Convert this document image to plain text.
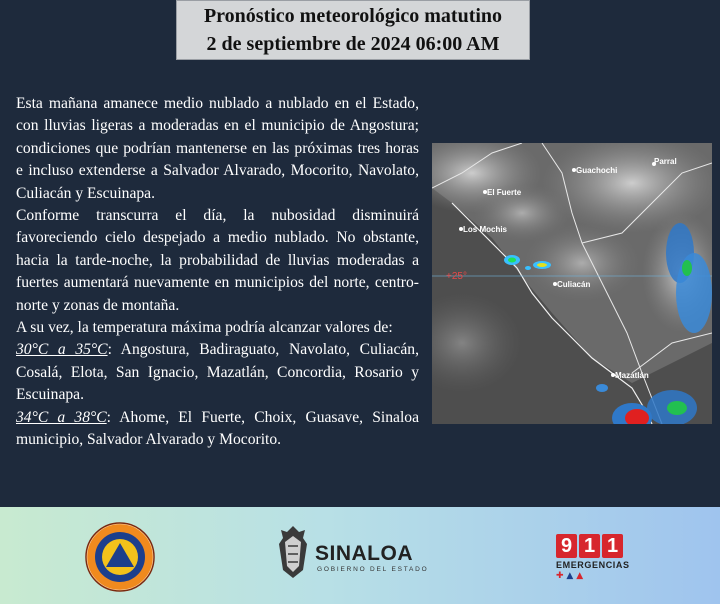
Pronóstico meteorológico matutino
2 de septiembre de 2024 06:00 AM

Esta mañana amanece medio nublado a nublado en el Estado, con lluvias ligeras a moderadas en el municipio de Angostura; condiciones que podrían mantenerse en las próximas tres horas e incluso extenderse a Salvador Alvarado, Mocorito, Navolato, Culiacán y Escuinapa.

Conforme transcurra el día, la nubosidad disminuirá favoreciendo cielo despejado a medio nublado. No obstante, hacia la tarde-noche, la probabilidad de lluvias moderadas a fuertes aumentará nuevamente en municipios del norte, centro-norte y zonas de montaña.

A su vez, la temperatura máxima podría alcanzar valores de:

30°C a 35°C: Angostura, Badiraguato, Navolato, Culiacán, Cosalá, Elota, San Ignacio, Mazatlán, Concordia, Rosario y Escuinapa.

34°C a 38°C: Ahome, El Fuerte, Choix, Guasave, Sinaloa municipio, Salvador Alvarado y Mocorito.

Guachochi
Parral
El Fuerte
Los Mochis
Culiacán
Mazatlán
+25°
SINALOA
GOBIERNO DEL ESTADO
9 1 1
EMERGENCIAS
✚ ▲ ▲
